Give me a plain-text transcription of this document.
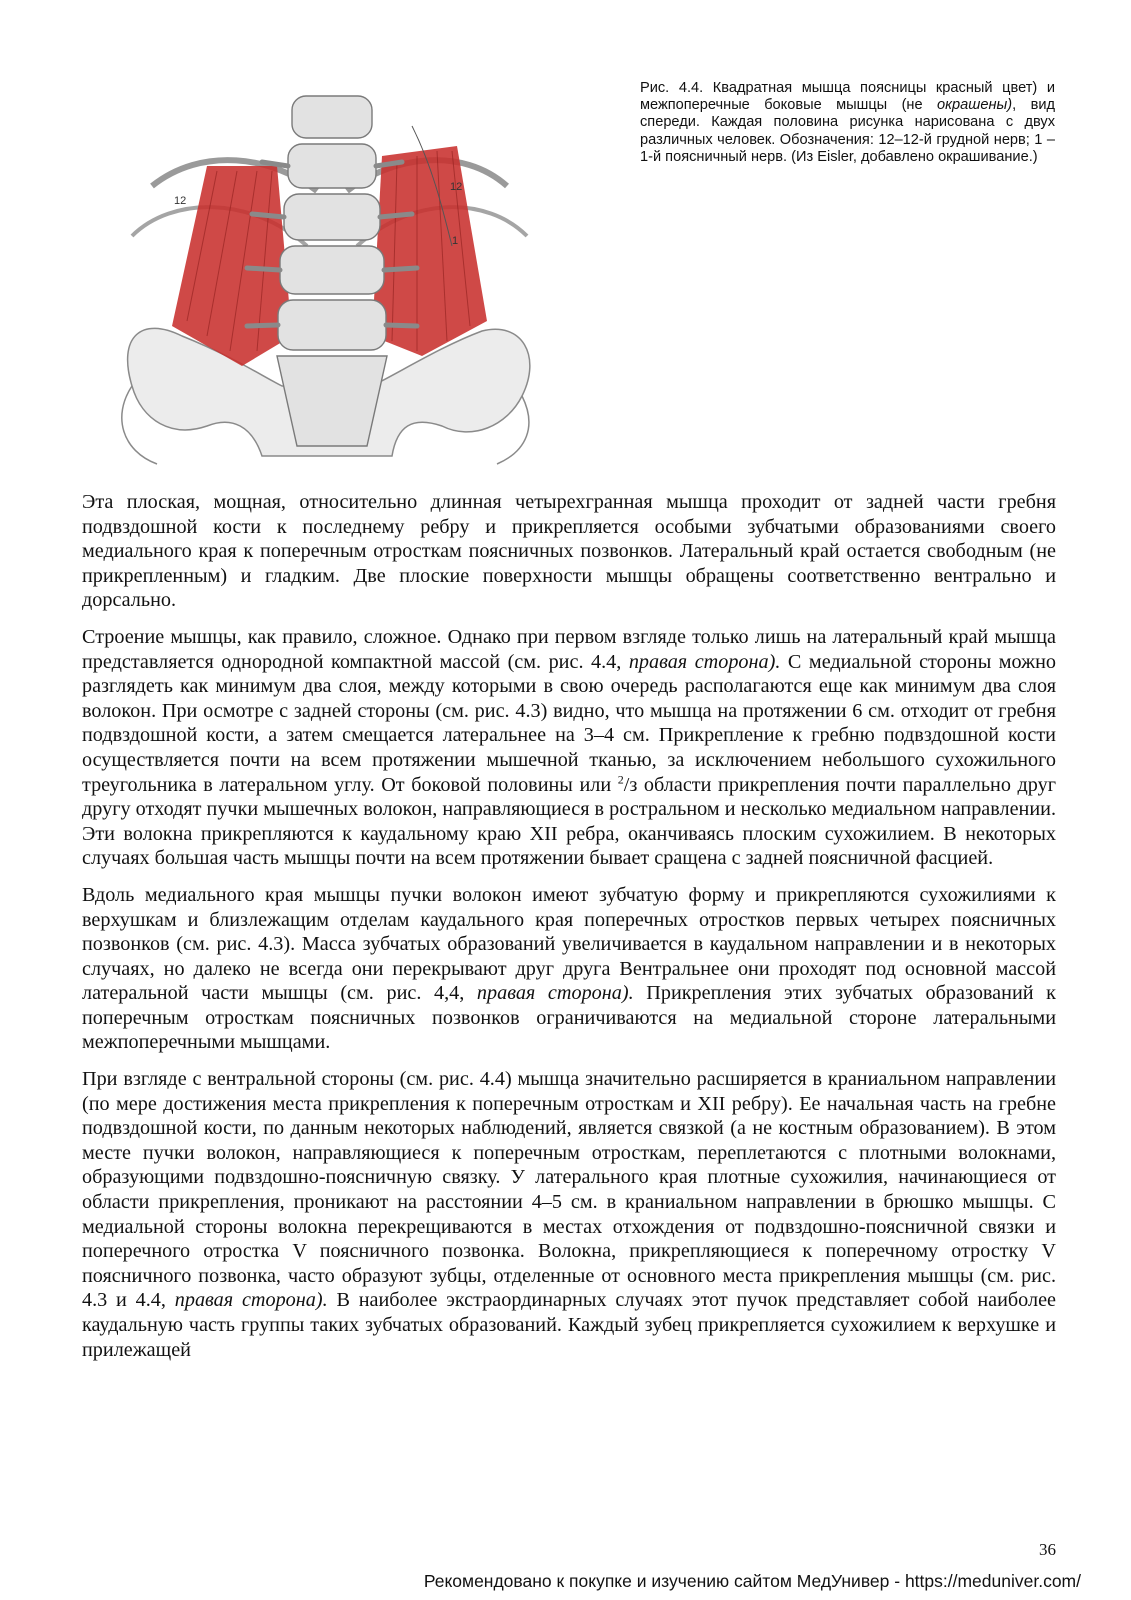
12
12
1
Рис. 4.4. Квадратная мышца поясницы красный цвет) и межпоперечные боковые мышцы (не окрашены), вид спереди. Каждая половина рисунка нарисована с двух различных человек. Обозначения: 12–12-й грудной нерв; 1 – 1-й поясничный нерв. (Из Eisler, добавлено окрашивание.)

Эта плоская, мощная, относительно длинная четырехгранная мышца проходит от задней части гребня подвздошной кости к последнему ребру и прикрепляется особыми зубчатыми образованиями своего медиального края к поперечным отросткам поясничных позвонков. Латеральный край остается свободным (не прикрепленным) и гладким. Две плоские поверхности мышцы обращены соответственно вентрально и дорсально.

Строение мышцы, как правило, сложное. Однако при первом взгляде только лишь на латеральный край мышца представляется однородной компактной массой (см. рис. 4.4, правая сторона). С медиальной стороны можно разглядеть как минимум два слоя, между которыми в свою очередь располагаются еще как минимум два слоя волокон. При осмотре с задней стороны (см. рис. 4.3) видно, что мышца на протяжении 6 см. отходит от гребня подвздошной кости, а затем смещается латеральнее на 3–4 см. Прикрепление к гребню подвздошной кости осуществляется почти на всем протяжении мышечной тканью, за исключением небольшого сухожильного треугольника в латеральном углу. От боковой половины или $^2$/з области прикрепления почти параллельно друг другу отходят пучки мышечных волокон, направляющиеся в ростральном и несколько медиальном направлении. Эти волокна прикрепляются к каудальному краю XII ребра, оканчиваясь плоским сухожилием. В некоторых случаях большая часть мышцы почти на всем протяжении бывает сращена с задней поясничной фасцией.

Вдоль медиального края мышцы пучки волокон имеют зубчатую форму и прикрепляются сухожилиями к верхушкам и близлежащим отделам каудального края поперечных отростков первых четырех поясничных позвонков (см. рис. 4.3). Масса зубчатых образований увеличивается в каудальном направлении и в некоторых случаях, но далеко не всегда они перекрывают друг друга Вентральнее они проходят под основной массой латеральной части мышцы (см. рис. 4,4, правая сторона). Прикрепления этих зубчатых образований к поперечным отросткам поясничных позвонков ограничиваются на медиальной стороне латеральными межпоперечными мышцами.

При взгляде с вентральной стороны (см. рис. 4.4) мышца значительно расширяется в краниальном направлении (по мере достижения места прикрепления к поперечным отросткам и XII ребру). Ее начальная часть на гребне подвздошной кости, по данным некоторых наблюдений, является связкой (а не костным образованием). В этом месте пучки волокон, направляющиеся к поперечным отросткам, переплетаются с плотными волокнами, образующими подвздошно-поясничную связку. У латерального края плотные сухожилия, начинающиеся от области прикрепления, проникают на расстоянии 4–5 см. в краниальном направлении в брюшко мышцы. С медиальной стороны волокна перекрещиваются в местах отхождения от подвздошно-поясничной связки и поперечного отростка V поясничного позвонка. Волокна, прикрепляющиеся к поперечному отростку V поясничного позвонка, часто образуют зубцы, отделенные от основного места прикрепления мышцы (см. рис. 4.3 и 4.4, правая сторона). В наиболее экстраординарных случаях этот пучок представляет собой наиболее каудальную часть группы таких зубчатых образований. Каждый зубец прикрепляется сухожилием к верхушке и прилежащей

36
Рекомендовано к покупке и изучению сайтом МедУнивер - https://meduniver.com/
